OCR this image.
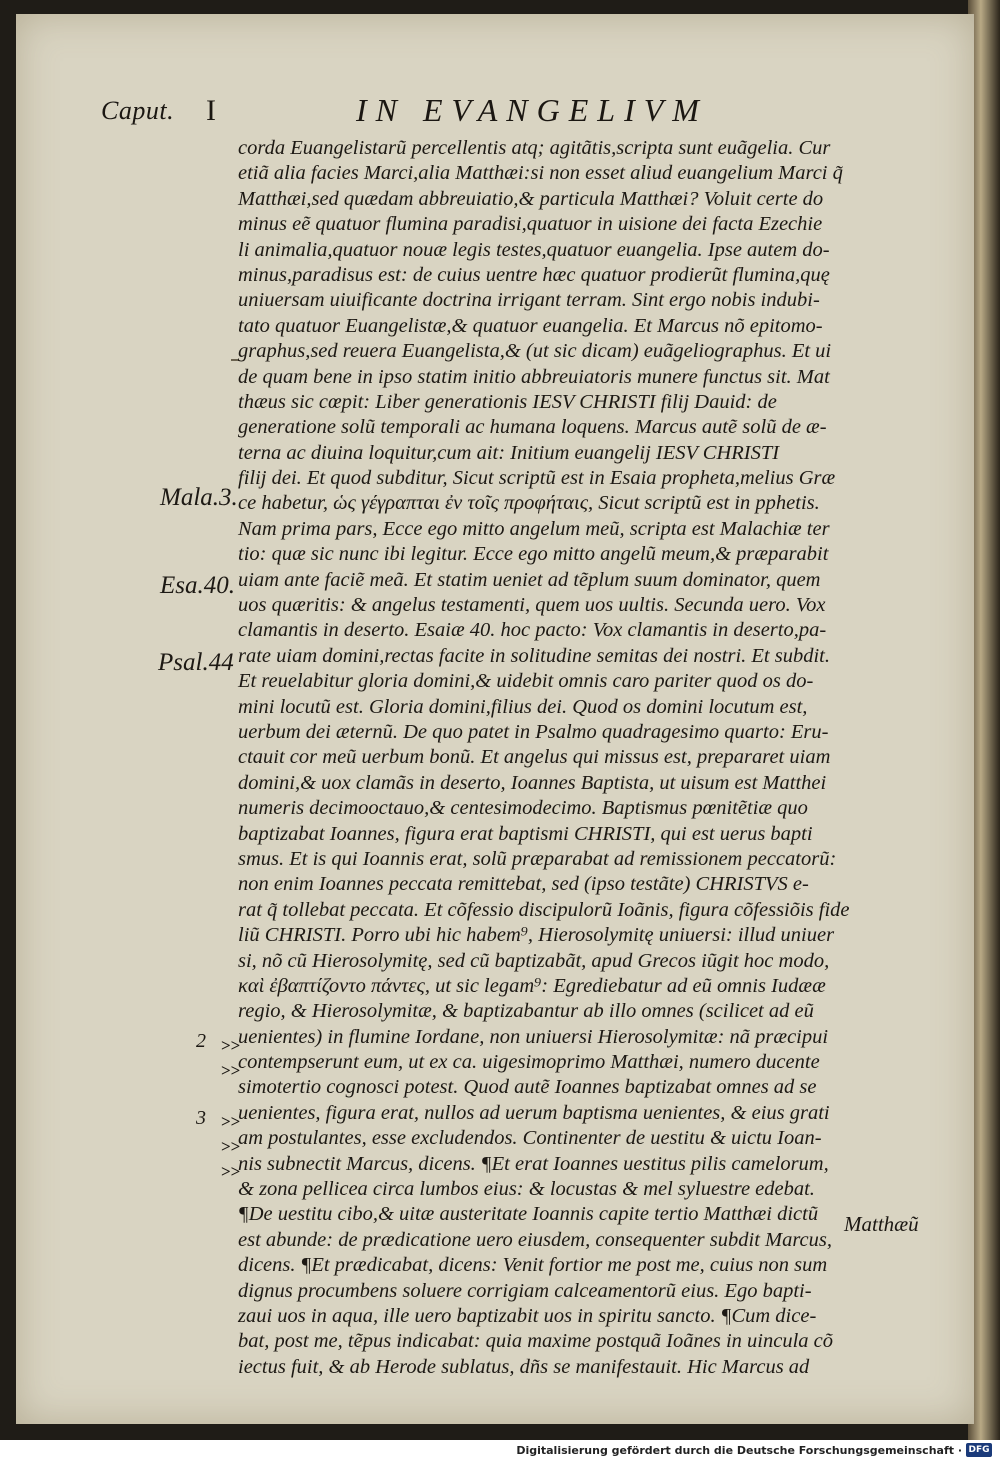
Caput. I	IN EVANGELIVM
corda Euangelistarũ percellentis atq; agitãtis,scripta sunt euãgelia. Cur
etiã alia facies Marci,alia Matthæi:si non esset aliud euangelium Marci q̃
Matthæi,sed quædam abbreuiatio,& particula Matthæi? Voluit certe do
minus eẽ quatuor flumina paradisi,quatuor in uisione dei facta Ezechie
li animalia,quatuor nouæ legis testes,quatuor euangelia. Ipse autem do-
minus,paradisus est: de cuius uentre hæc quatuor prodierũt flumina,quę
uniuersam uiuificante doctrina irrigant terram. Sint ergo nobis indubi-
tato quatuor Euangelistæ,& quatuor euangelia. Et Marcus nõ epitomo-
graphus,sed reuera Euangelista,& (ut sic dicam) euãgeliographus. Et ui
de quam bene in ipso statim initio abbreuiatoris munere functus sit. Mat
thæus sic cœpit: Liber generationis IESV CHRISTI filij Dauid: de
generatione solũ temporali ac humana loquens. Marcus autẽ solũ de æ-
terna ac diuina loquitur,cum ait: Initium euangelij IESV CHRISTI
filij dei. Et quod subditur, Sicut scriptũ est in Esaia propheta,melius Græ
ce habetur, ὡς γέγραπται ἐν τοῖς προφήταις, Sicut scriptũ est in pphetis.
Nam prima pars, Ecce ego mitto angelum meũ, scripta est Malachiæ ter
tio: quæ sic nunc ibi legitur. Ecce ego mitto angelũ meum,& præparabit
uiam ante faciẽ meã. Et statim ueniet ad tẽplum suum dominator, quem
uos quæritis: & angelus testamenti, quem uos uultis. Secunda uero. Vox
clamantis in deserto. Esaiæ 40. hoc pacto: Vox clamantis in deserto,pa-
rate uiam domini,rectas facite in solitudine semitas dei nostri. Et subdit.
Et reuelabitur gloria domini,& uidebit omnis caro pariter quod os do-
mini locutũ est. Gloria domini,filius dei. Quod os domini locutum est,
uerbum dei æternũ. De quo patet in Psalmo quadragesimo quarto: Eru-
ctauit cor meũ uerbum bonũ. Et angelus qui missus est, prepararet uiam
domini,& uox clamãs in deserto, Ioannes Baptista, ut uisum est Matthei
numeris decimooctauo,& centesimodecimo. Baptismus pœnitẽtiæ quo
baptizabat Ioannes, figura erat baptismi CHRISTI, qui est uerus bapti
smus. Et is qui Ioannis erat, solũ præparabat ad remissionem peccatorũ:
non enim Ioannes peccata remittebat, sed (ipso testãte) CHRISTVS e-
rat q̃ tollebat peccata. Et cõfessio discipulorũ Ioãnis, figura cõfessiõis fide
liũ CHRISTI. Porro ubi hic habem⁹, Hierosolymitę uniuersi: illud uniuer
si, nõ cũ Hierosolymitę, sed cũ baptizabãt, apud Grecos iũgit hoc modo,
καὶ ἐβαπτίζοντο πάντες, ut sic legam⁹: Egrediebatur ad eũ omnis Iudææ
regio, & Hierosolymitæ, & baptizabantur ab illo omnes (scilicet ad eũ
uenientes) in flumine Iordane, non uniuersi Hierosolymitæ: nã præcipui
contempserunt eum, ut ex ca. uigesimoprimo Matthæi, numero ducente
simotertio cognosci potest. Quod autẽ Ioannes baptizabat omnes ad se
uenientes, figura erat, nullos ad uerum baptisma uenientes, & eius grati
am postulantes, esse excludendos. Continenter de uestitu & uictu Ioan-
nis subnectit Marcus, dicens. ¶Et erat Ioannes uestitus pilis camelorum,
& zona pellicea circa lumbos eius: & locustas & mel syluestre edebat.
¶De uestitu cibo,& uitæ austeritate Ioannis capite tertio Matthæi dictũ
est abunde: de prædicatione uero eiusdem, consequenter subdit Marcus,
dicens. ¶Et prædicabat, dicens: Venit fortior me post me, cuius non sum
dignus procumbens soluere corrigiam calceamentorũ eius. Ego bapti-
zaui uos in aqua, ille uero baptizabit uos in spiritu sancto. ¶Cum dice-
bat, post me, tẽpus indicabat: quia maxime postquã Ioãnes in uincula cõ
iectus fuit, & ab Herode sublatus, dñs se manifestauit. Hic Marcus ad
Mala.3.
Esa.40.
Psal.44
2
3
>>
>>
>>
>>
>>
Matthæũ
Digitalisierung gefördert durch die Deutsche Forschungsgemeinschaft · DFG
